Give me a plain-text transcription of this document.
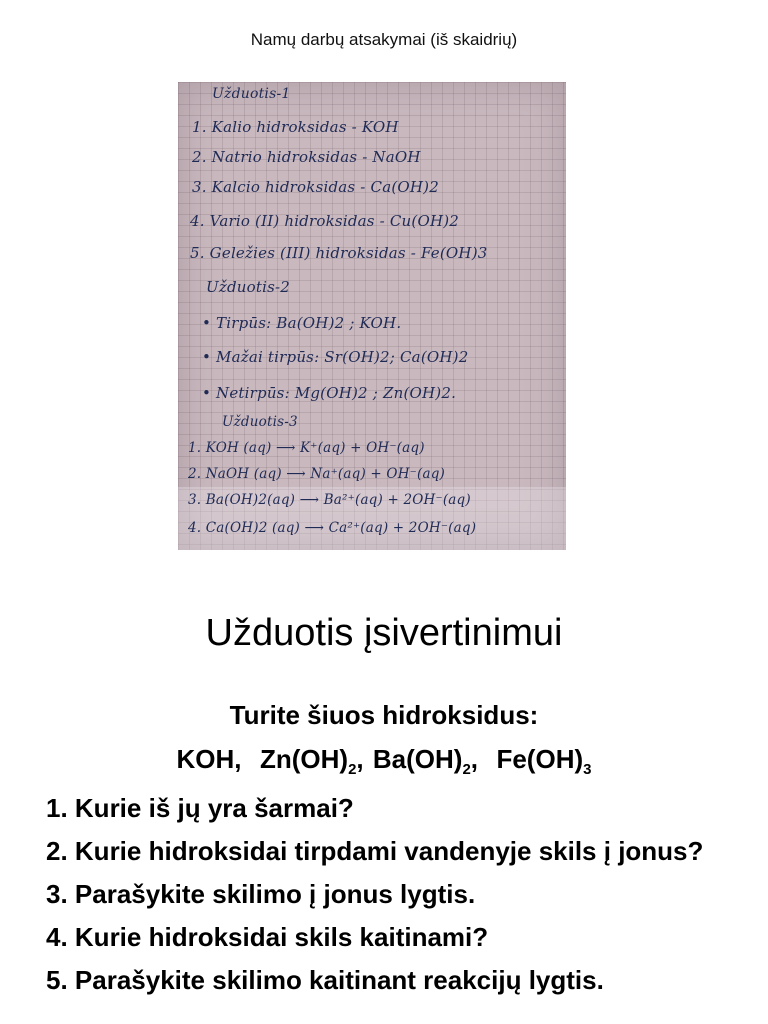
Namų darbų atsakymai (iš skaidrių)
Užduotis-1
1. Kalio hidroksidas - KOH
2. Natrio hidroksidas - NaOH
3. Kalcio hidroksidas - Ca(OH)2
4. Vario (II) hidroksidas - Cu(OH)2
5. Geležies (III) hidroksidas - Fe(OH)3
Užduotis-2
• Tirpūs: Ba(OH)2 ; KOH.
• Mažai tirpūs: Sr(OH)2; Ca(OH)2
• Netirpūs: Mg(OH)2 ; Zn(OH)2.
Užduotis-3
1. KOH (aq) ⟶ K⁺(aq) + OH⁻(aq)
2. NaOH (aq) ⟶ Na⁺(aq) + OH⁻(aq)
3. Ba(OH)2(aq) ⟶ Ba²⁺(aq) + 2OH⁻(aq)
4. Ca(OH)2 (aq) ⟶ Ca²⁺(aq) + 2OH⁻(aq)
Užduotis įsivertinimui
Turite šiuos hidroksidus:
KOH, $Zn(OH)_2$, $Ba(OH)_2$, $Fe(OH)_3$
1. Kurie iš jų yra šarmai?
2. Kurie hidroksidai tirpdami vandenyje skils į jonus?
3. Parašykite skilimo į jonus lygtis.
4. Kurie hidroksidai skils kaitinami?
5. Parašykite skilimo kaitinant reakcijų lygtis.
